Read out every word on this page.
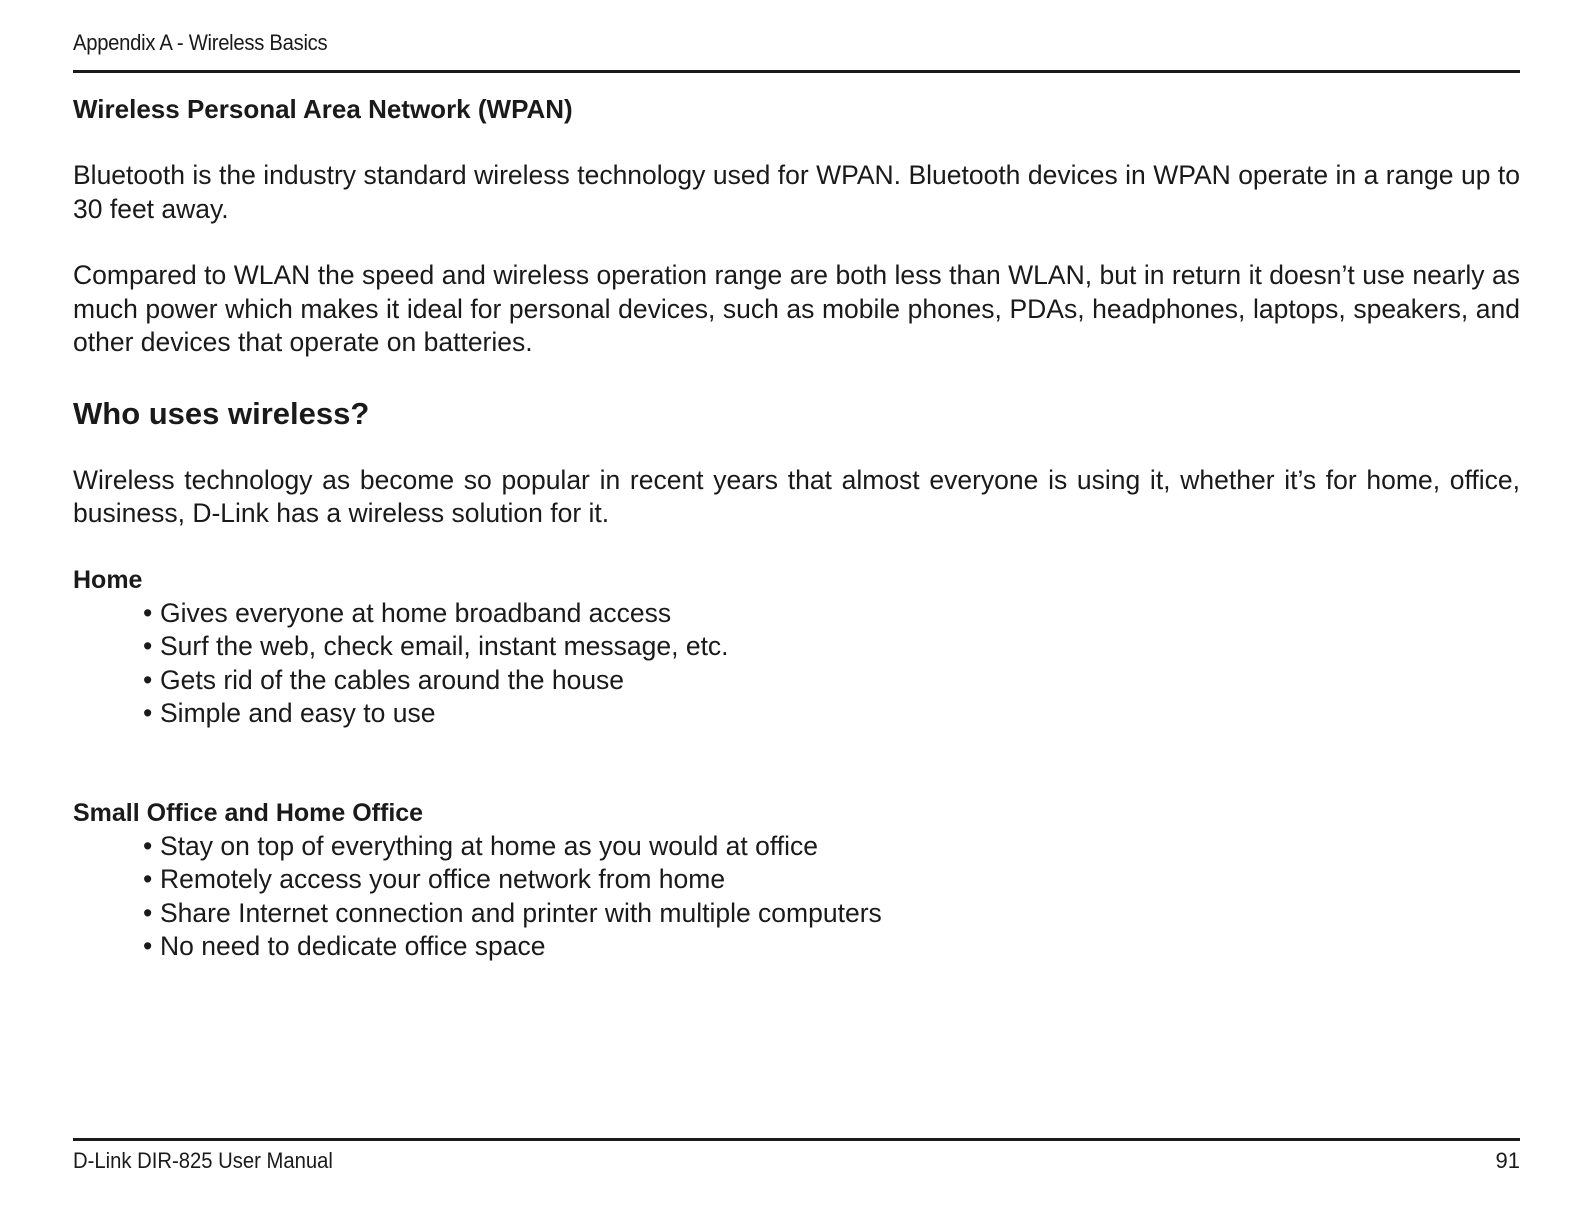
Appendix A - Wireless Basics
Wireless Personal Area Network (WPAN)

Bluetooth is the industry standard wireless technology used for WPAN. Bluetooth devices in WPAN operate in a range up to 30 feet away.

Compared to WLAN the speed and wireless operation range are both less than WLAN, but in return it doesn’t use nearly as much power which makes it ideal for personal devices, such as mobile phones, PDAs, headphones, laptops, speakers, and other devices that operate on batteries.

Who uses wireless?

Wireless technology as become so popular in recent years that almost everyone is using it, whether it’s for home, office, business, D-Link has a wireless solution for it.

Home
• Gives everyone at home broadband access
• Surf the web, check email, instant message, etc.
• Gets rid of the cables around the house
• Simple and easy to use
Small Office and Home Office
• Stay on top of everything at home as you would at office
• Remotely access your office network from home
• Share Internet connection and printer with multiple computers
• No need to dedicate office space
D-Link DIR-825 User Manual	91
